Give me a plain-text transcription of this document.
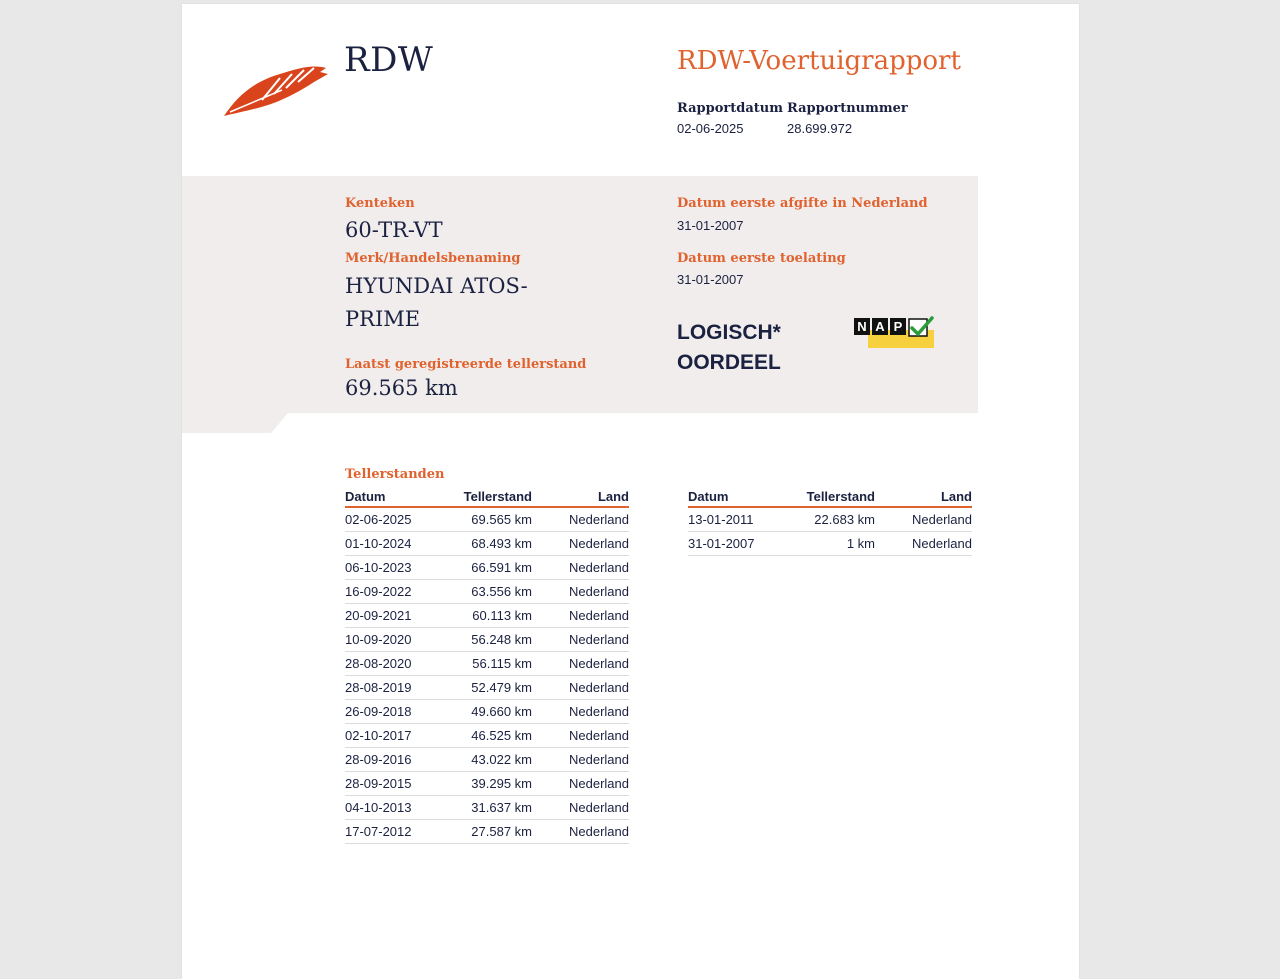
RDW	RDW-Voertuigrapport
Rapportdatum
02-06-2025
Rapportnummer
28.699.972
Kenteken
60-TR-VT
Merk/Handelsbenaming
HYUNDAI ATOS-
PRIME
Laatst geregistreerde tellerstand
69.565 km
Datum eerste afgifte in Nederland
31-01-2007
Datum eerste toelating
31-01-2007
LOGISCH*
OORDEEL
N A P
Tellerstanden
Datum	Tellerstand	Land
02-06-2025	69.565 km	Nederland
01-10-2024	68.493 km	Nederland
06-10-2023	66.591 km	Nederland
16-09-2022	63.556 km	Nederland
20-09-2021	60.113 km	Nederland
10-09-2020	56.248 km	Nederland
28-08-2020	56.115 km	Nederland
28-08-2019	52.479 km	Nederland
26-09-2018	49.660 km	Nederland
02-10-2017	46.525 km	Nederland
28-09-2016	43.022 km	Nederland
28-09-2015	39.295 km	Nederland
04-10-2013	31.637 km	Nederland
17-07-2012	27.587 km	Nederland
Datum	Tellerstand	Land
13-01-2011	22.683 km	Nederland
31-01-2007	1 km	Nederland
